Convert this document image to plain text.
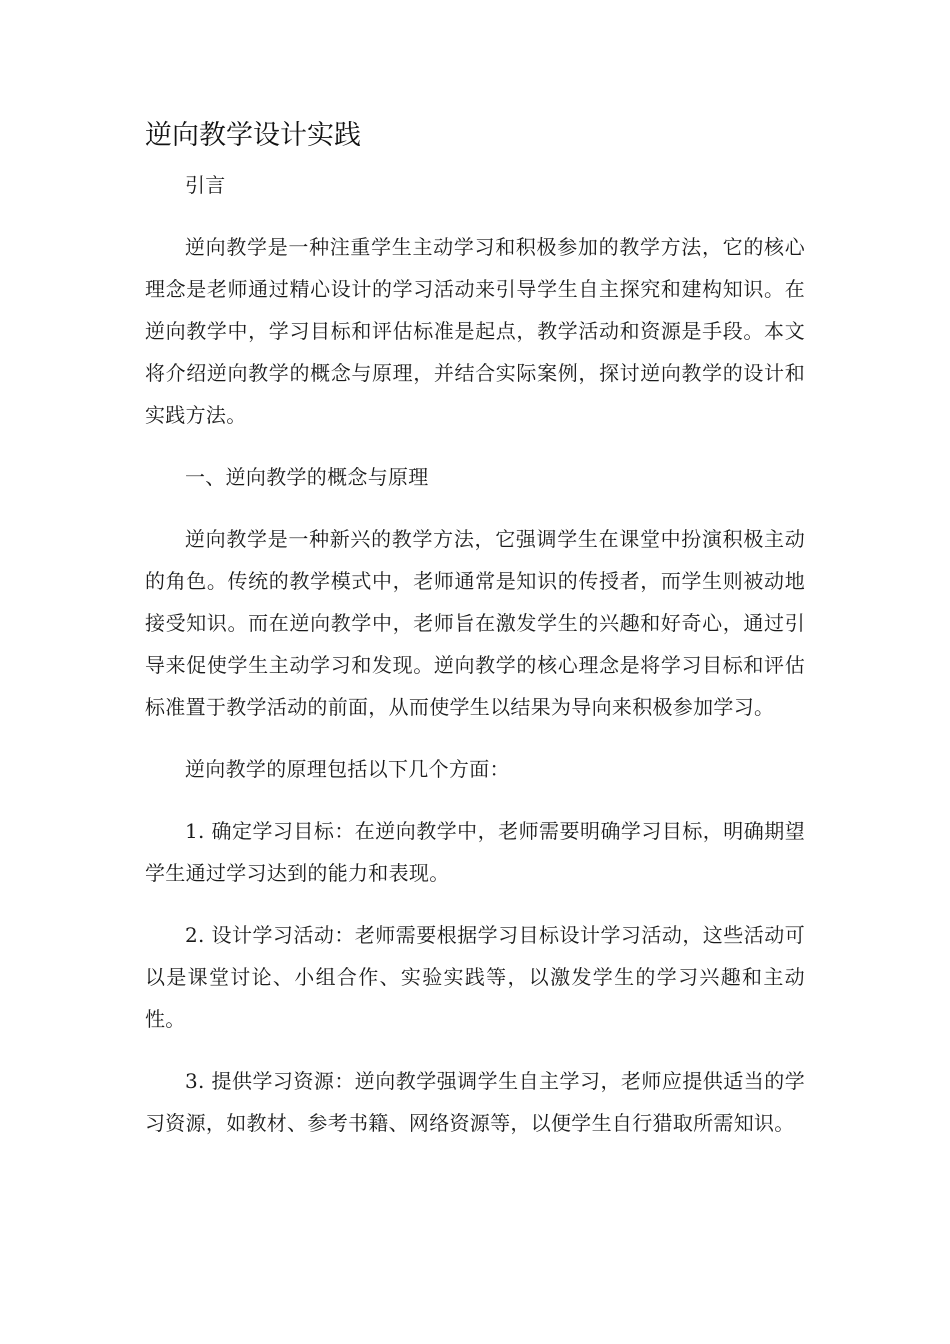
逆向教学设计实践

引言

逆向教学是一种注重学生主动学习和积极参加的教学方法，它的核心理念是老师通过精心设计的学习活动来引导学生自主探究和建构知识。在逆向教学中，学习目标和评估标准是起点，教学活动和资源是手段。本文将介绍逆向教学的概念与原理，并结合实际案例，探讨逆向教学的设计和实践方法。

一、逆向教学的概念与原理

逆向教学是一种新兴的教学方法，它强调学生在课堂中扮演积极主动的角色。传统的教学模式中，老师通常是知识的传授者，而学生则被动地接受知识。而在逆向教学中，老师旨在激发学生的兴趣和好奇心，通过引导来促使学生主动学习和发现。逆向教学的核心理念是将学习目标和评估标准置于教学活动的前面，从而使学生以结果为导向来积极参加学习。

逆向教学的原理包括以下几个方面：

1. 确定学习目标：在逆向教学中，老师需要明确学习目标，明确期望学生通过学习达到的能力和表现。

2. 设计学习活动：老师需要根据学习目标设计学习活动，这些活动可以是课堂讨论、小组合作、实验实践等，以激发学生的学习兴趣和主动性。

3. 提供学习资源：逆向教学强调学生自主学习，老师应提供适当的学习资源，如教材、参考书籍、网络资源等，以便学生自行猎取所需知识。
